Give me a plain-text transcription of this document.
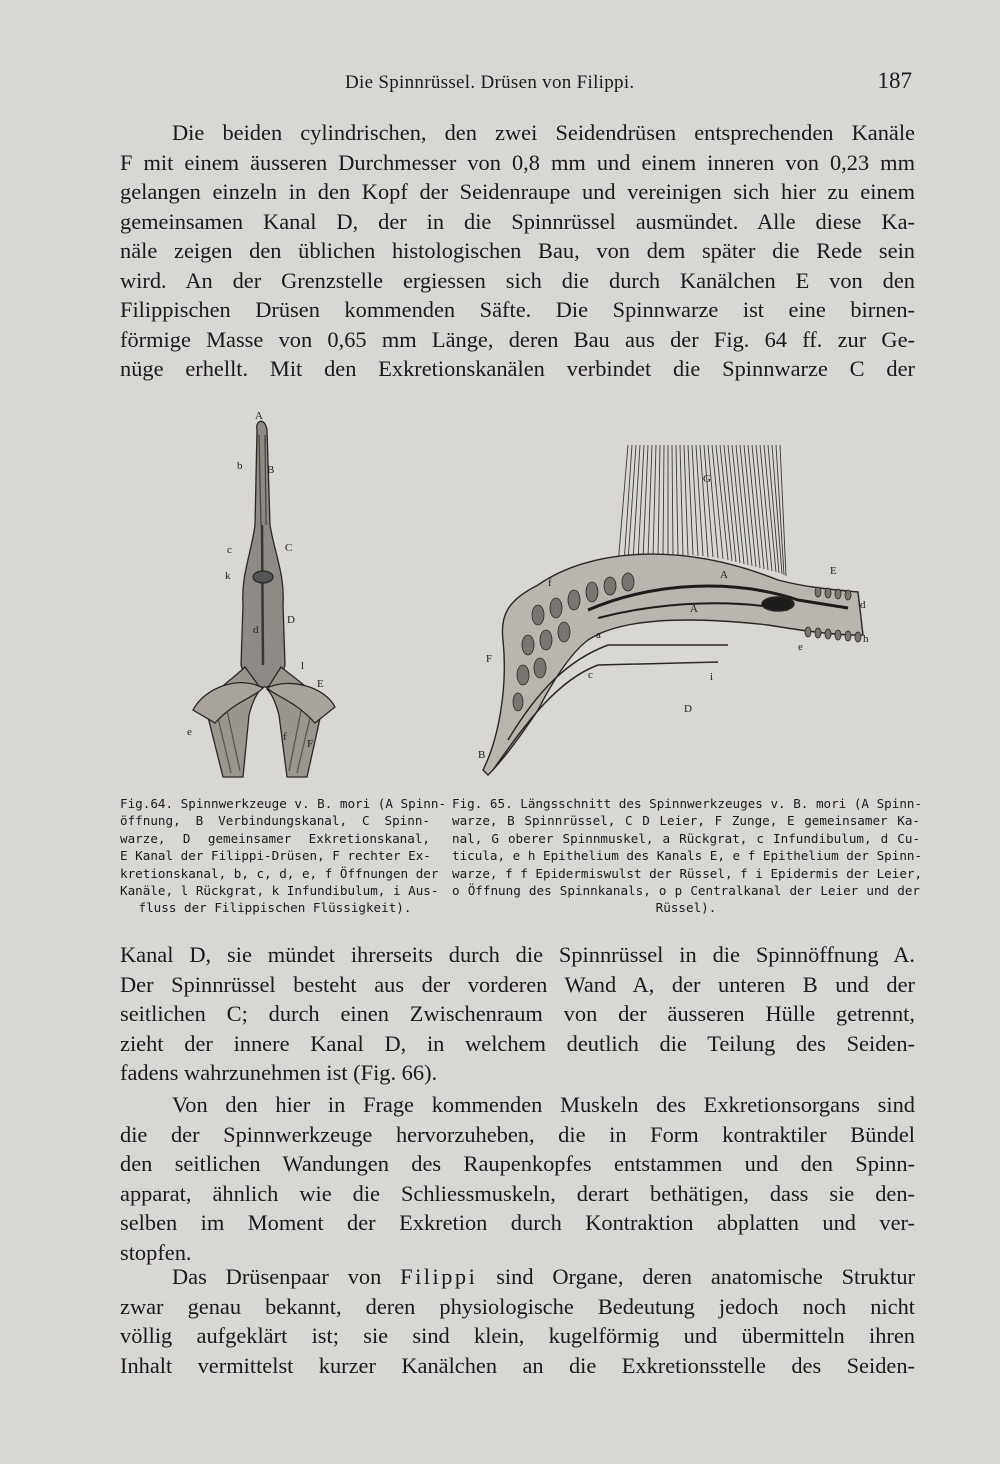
Die Spinnrüssel. Drüsen von Filippi.	187
Die beiden cylindrischen, den zwei Seidendrüsen entsprechenden Kanäle
F mit einem äusseren Durchmesser von 0,8 mm und einem inneren von 0,23 mm
gelangen einzeln in den Kopf der Seidenraupe und vereinigen sich hier zu einem
gemeinsamen Kanal D, der in die Spinnrüssel ausmündet. Alle diese Ka-
näle zeigen den üblichen histologischen Bau, von dem später die Rede sein
wird. An der Grenzstelle ergiessen sich die durch Kanälchen E von den
Filippischen Drüsen kommenden Säfte. Die Spinnwarze ist eine birnen-
förmige Masse von 0,65 mm Länge, deren Bau aus der Fig. 64 ff. zur Ge-
nüge erhellt. Mit den Exkretionskanälen verbindet die Spinnwarze C der
A
B
b
c	C
k
D
d
l
E
e
F
f
Fig.64. Spinnwerkzeuge v. B. mori (A Spinn-
öffnung, B Verbindungskanal, C Spinn-
warze, D gemeinsamer Exkretionskanal,
E Kanal der Filippi-Drüsen, F rechter Ex-
kretionskanal, b, c, d, e, f Öffnungen der
Kanäle, l Rückgrat, k Infundibulum, i Aus-
fluss der Filippischen Flüssigkeit).
G
A
A
E
d
f
F
c
a
D
B
h
e
i
Fig. 65. Längsschnitt des Spinnwerkzeuges v. B. mori (A Spinn-
warze, B Spinnrüssel, C D Leier, F Zunge, E gemeinsamer Ka-
nal, G oberer Spinnmuskel, a Rückgrat, c Infundibulum, d Cu-
ticula, e h Epithelium des Kanals E, e f Epithelium der Spinn-
warze, f f Epidermiswulst der Rüssel, f i Epidermis der Leier,
o Öffnung des Spinnkanals, o p Centralkanal der Leier und der
Rüssel).
Kanal D, sie mündet ihrerseits durch die Spinnrüssel in die Spinnöffnung A.
Der Spinnrüssel besteht aus der vorderen Wand A, der unteren B und der
seitlichen C; durch einen Zwischenraum von der äusseren Hülle getrennt,
zieht der innere Kanal D, in welchem deutlich die Teilung des Seiden-
fadens wahrzunehmen ist (Fig. 66).
Von den hier in Frage kommenden Muskeln des Exkretionsorgans sind
die der Spinnwerkzeuge hervorzuheben, die in Form kontraktiler Bündel
den seitlichen Wandungen des Raupenkopfes entstammen und den Spinn-
apparat, ähnlich wie die Schliessmuskeln, derart bethätigen, dass sie den-
selben im Moment der Exkretion durch Kontraktion abplatten und ver-
stopfen.
Das Drüsenpaar von Filippi sind Organe, deren anatomische Struktur
zwar genau bekannt, deren physiologische Bedeutung jedoch noch nicht
völlig aufgeklärt ist; sie sind klein, kugelförmig und übermitteln ihren
Inhalt vermittelst kurzer Kanälchen an die Exkretionsstelle des Seiden-
